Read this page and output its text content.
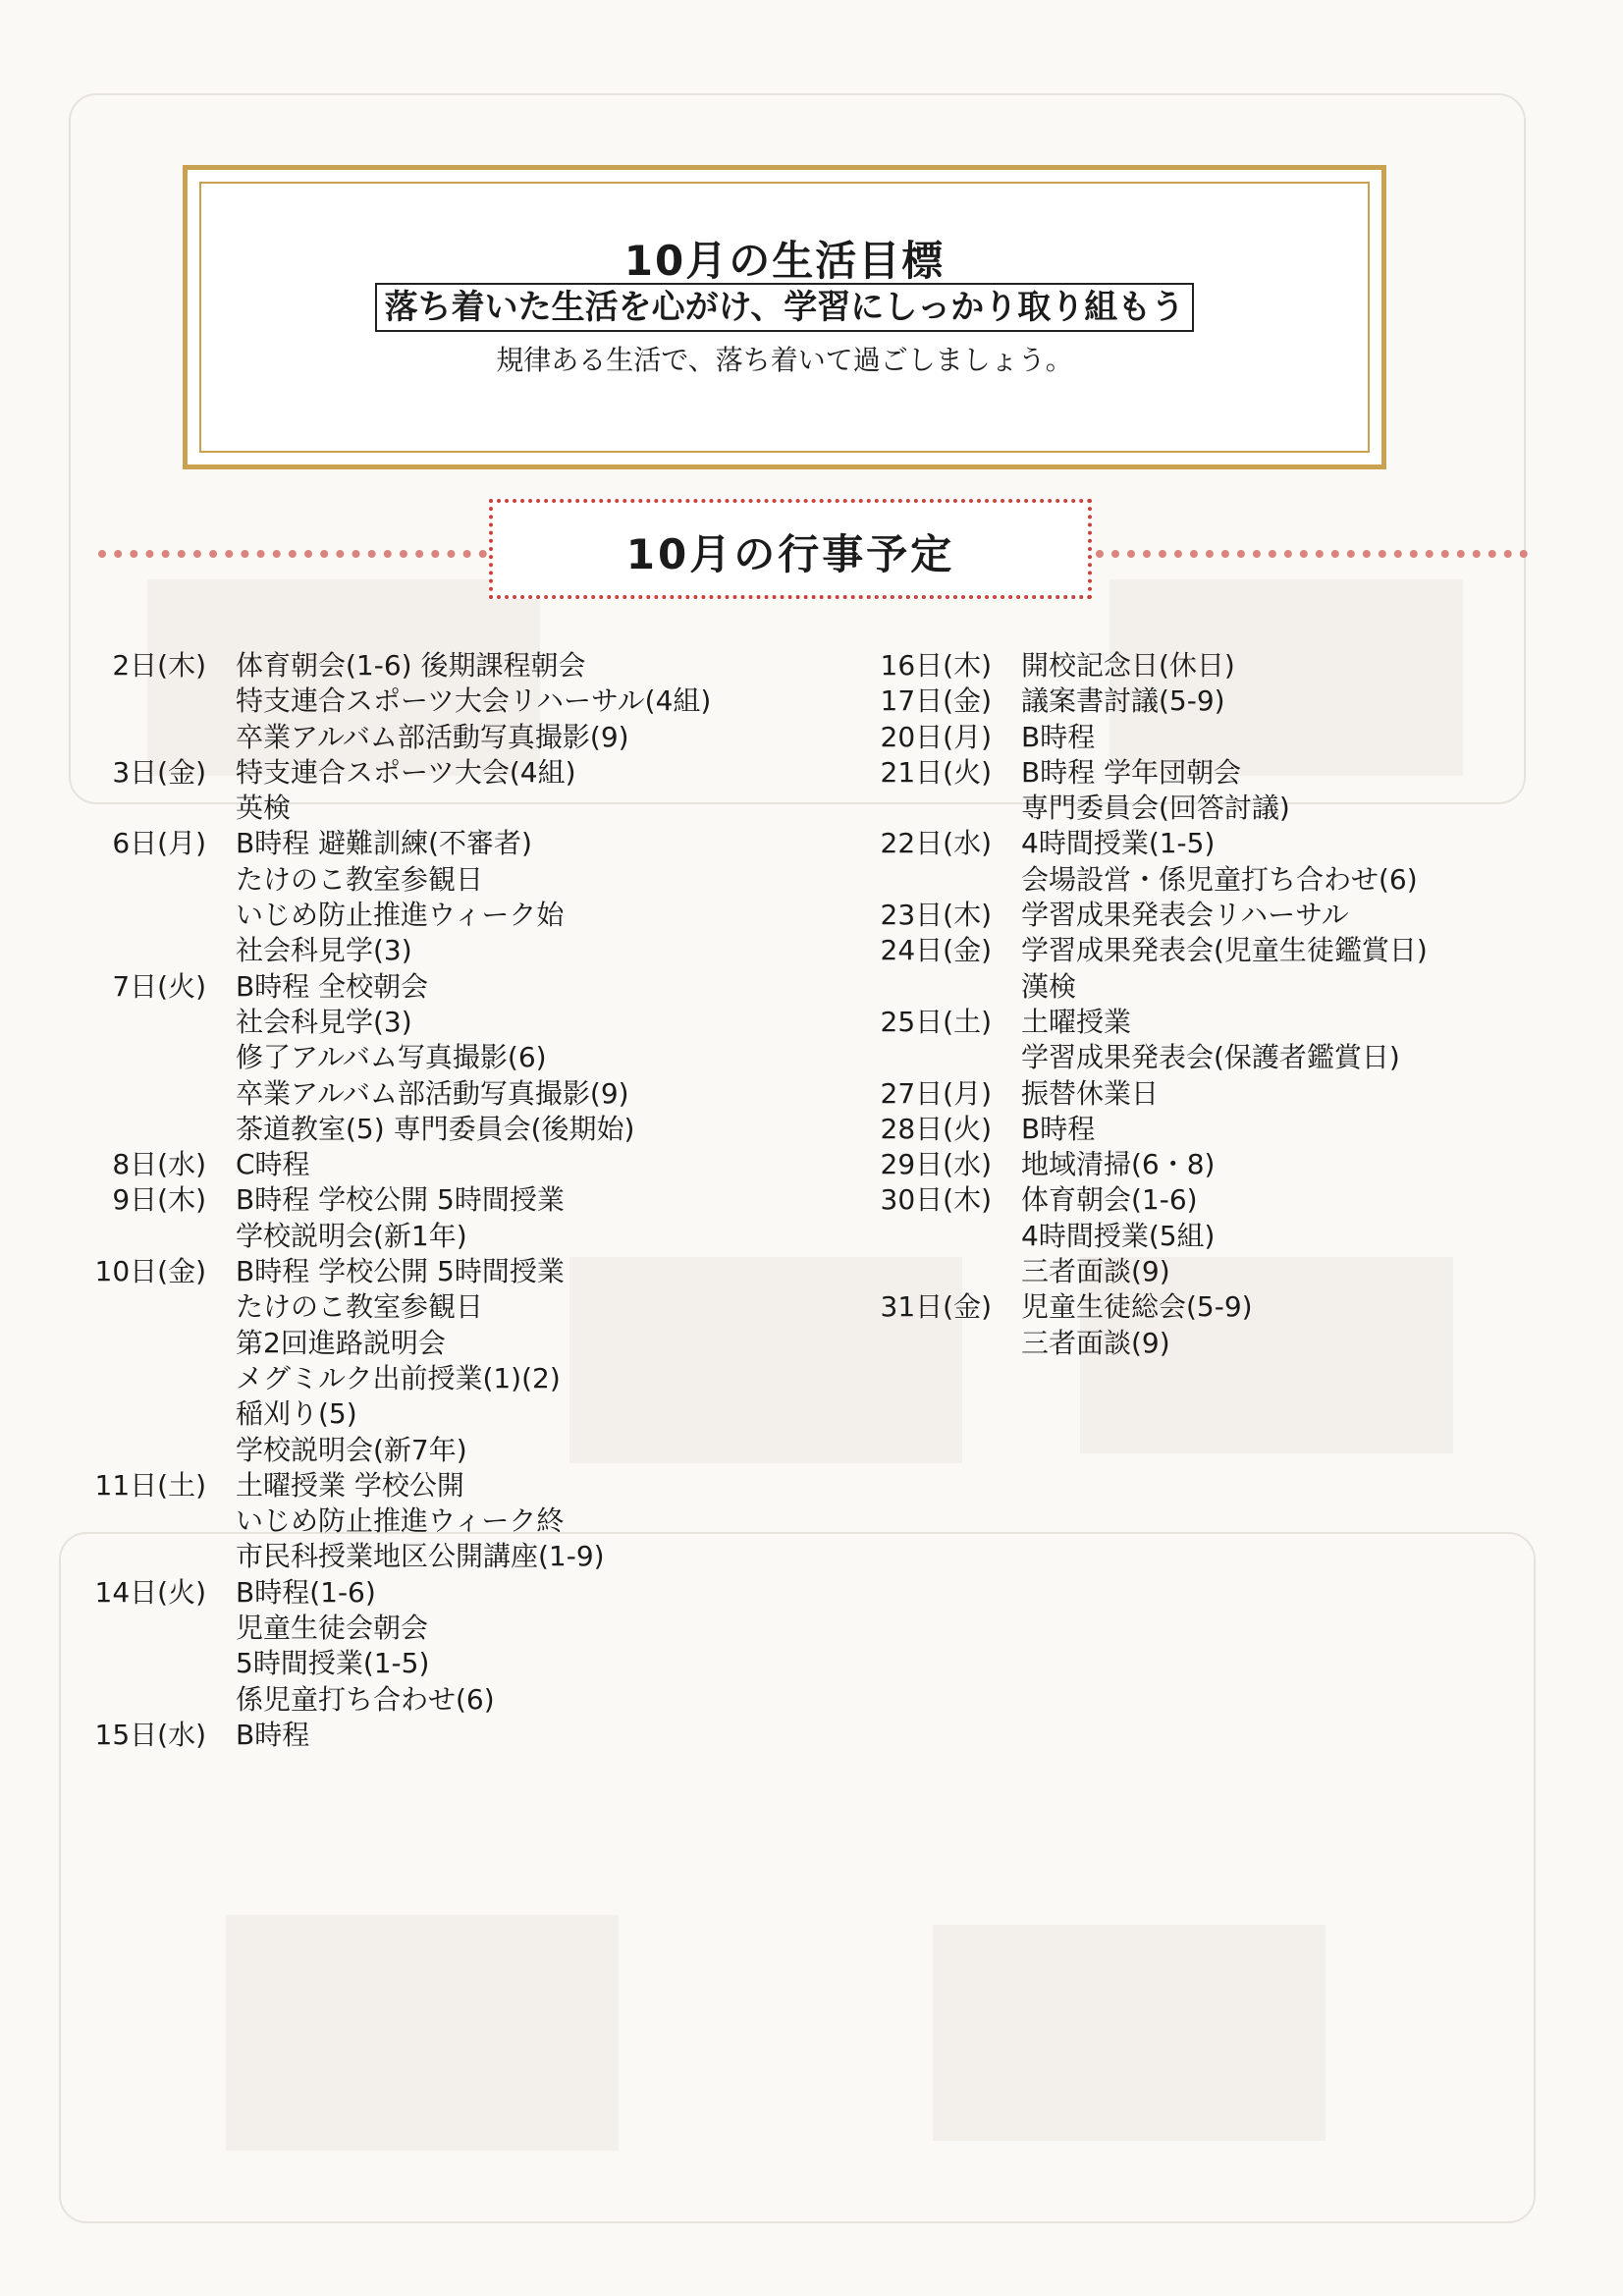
10月の生活目標
落ち着いた生活を心がけ、学習にしっかり取り組もう
規律ある生活で、落ち着いて過ごしましょう。
10月の行事予定
2日(木)	体育朝会(1-6) 後期課程朝会
特支連合スポーツ大会リハーサル(4組)
卒業アルバム部活動写真撮影(9)
3日(金)	特支連合スポーツ大会(4組)
英検
6日(月)	B時程 避難訓練(不審者)
たけのこ教室参観日
いじめ防止推進ウィーク始
社会科見学(3)
7日(火)	B時程 全校朝会
社会科見学(3)
修了アルバム写真撮影(6)
卒業アルバム部活動写真撮影(9)
茶道教室(5) 専門委員会(後期始)
8日(水)	C時程
9日(木)	B時程 学校公開 5時間授業
学校説明会(新1年)
10日(金)	B時程 学校公開 5時間授業
たけのこ教室参観日
第2回進路説明会
メグミルク出前授業(1)(2)
稲刈り(5)
学校説明会(新7年)
11日(土)	土曜授業 学校公開
いじめ防止推進ウィーク終
市民科授業地区公開講座(1-9)
14日(火)	B時程(1-6)
児童生徒会朝会
5時間授業(1-5)
係児童打ち合わせ(6)
15日(水)	B時程
16日(木)	開校記念日(休日)
17日(金)	議案書討議(5-9)
20日(月)	B時程
21日(火)	B時程 学年団朝会
専門委員会(回答討議)
22日(水)	4時間授業(1-5)
会場設営・係児童打ち合わせ(6)
23日(木)	学習成果発表会リハーサル
24日(金)	学習成果発表会(児童生徒鑑賞日)
漢検
25日(土)	土曜授業
学習成果発表会(保護者鑑賞日)
27日(月)	振替休業日
28日(火)	B時程
29日(水)	地域清掃(6・8)
30日(木)	体育朝会(1-6)
4時間授業(5組)
三者面談(9)
31日(金)	児童生徒総会(5-9)
三者面談(9)
